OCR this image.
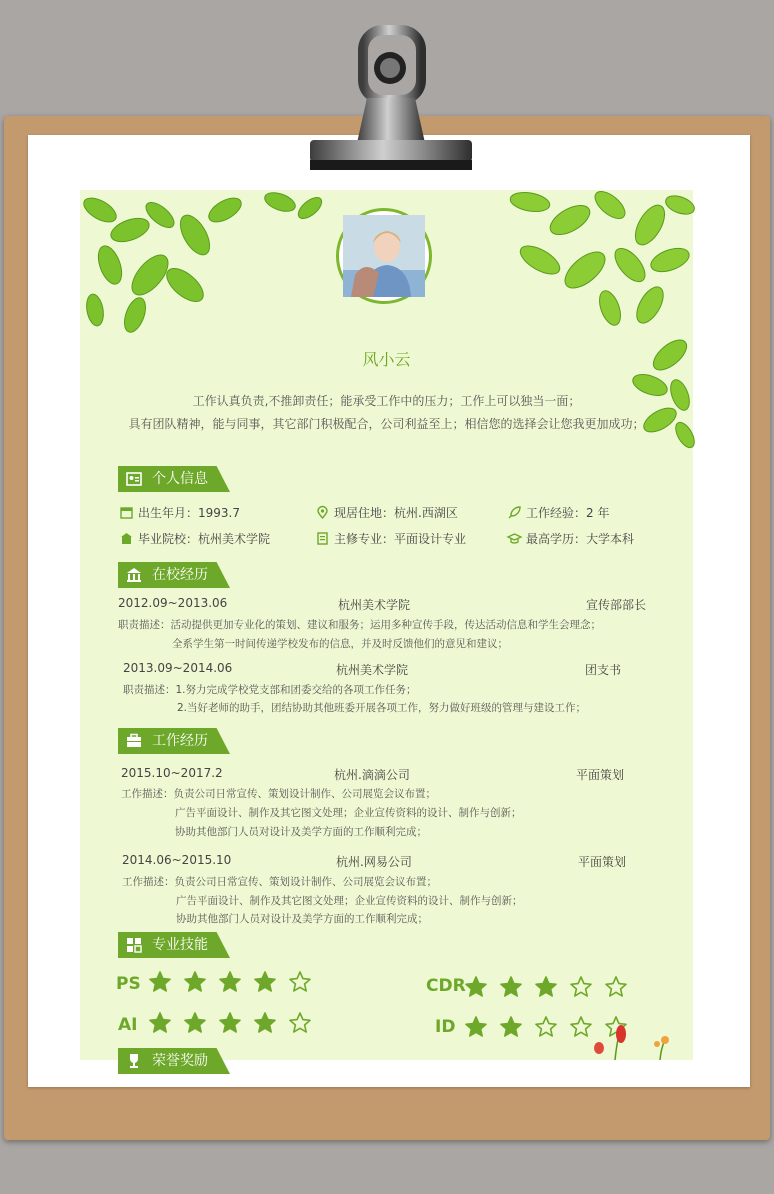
风小云
工作认真负责,不推卸责任；能承受工作中的压力；工作上可以独当一面；
具有团队精神，能与同事，其它部门积极配合，公司利益至上；相信您的选择会让您我更加成功；
个人信息
出生年月：1993.7	现居住地：杭州.西湖区	工作经验：2 年
毕业院校：杭州美术学院	主修专业：平面设计专业	最高学历：大学本科
在校经历
2012.09~2013.06	杭州美术学院	宣传部部长
职责描述：活动提供更加专业化的策划、建议和服务；运用多种宣传手段，传达活动信息和学生会理念；
全系学生第一时间传递学校发布的信息，并及时反馈他们的意见和建议；
2013.09~2014.06	杭州美术学院	团支书
职责描述：1.努力完成学校党支部和团委交给的各项工作任务；
2.当好老师的助手，团结协助其他班委开展各项工作，努力做好班级的管理与建设工作；
工作经历
2015.10~2017.2	杭州.滴滴公司	平面策划
工作描述：负责公司日常宣传、策划设计制作、公司展览会议布置；
广告平面设计、制作及其它图文处理；企业宣传资料的设计、制作与创新；
协助其他部门人员对设计及美学方面的工作顺利完成；
2014.06~2015.10	杭州.网易公司	平面策划
工作描述：负责公司日常宣传、策划设计制作、公司展览会议布置；
广告平面设计、制作及其它图文处理；企业宣传资料的设计、制作与创新；
协助其他部门人员对设计及美学方面的工作顺利完成；
专业技能
PS	CDR
AI	ID
荣誉奖励
